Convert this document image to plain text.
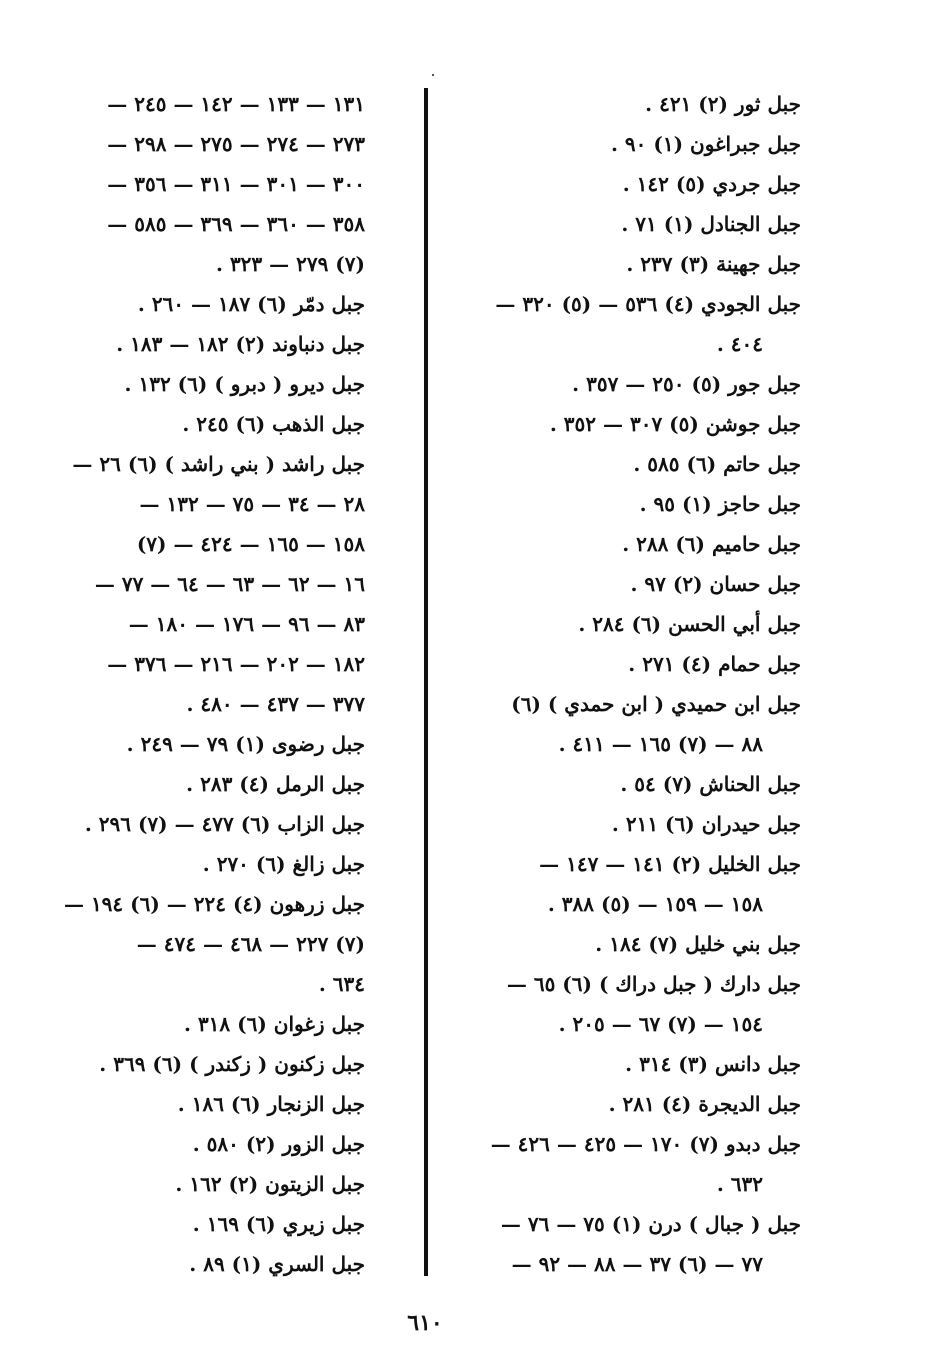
جبل ثور (٢) ٤٢١ .
جبل جبراغون (١) ٩٠ .
جبل جردي (٥) ١٤٢ .
جبل الجنادل (١) ٧١ .
جبل جهينة (٣) ٢٣٧ .
جبل الجودي (٤) ٥٣٦ — (٥) ٣٢٠ —
٤٠٤ .
جبل جور (٥) ٢٥٠ — ٣٥٧ .
جبل جوشن (٥) ٣٠٧ — ٣٥٢ .
جبل حاتم (٦) ٥٨٥ .
جبل حاجز (١) ٩٥ .
جبل حاميم (٦) ٢٨٨ .
جبل حسان (٢) ٩٧ .
جبل أبي الحسن (٦) ٢٨٤ .
جبل حمام (٤) ٢٧١ .
جبل ابن حميدي ( ابن حمدي ) (٦)
٨٨ — (٧) ١٦٥ — ٤١١ .
جبل الحناش (٧) ٥٤ .
جبل حيدران (٦) ٢١١ .
جبل الخليل (٢) ١٤١ — ١٤٧ —
١٥٨ — ١٥٩ — (٥) ٣٨٨ .
جبل بني خليل (٧) ١٨٤ .
جبل دارك ( جبل دراك ) (٦) ٦٥ —
١٥٤ — (٧) ٦٧ — ٢٠٥ .
جبل دانس (٣) ٣١٤ .
جبل الديجرة (٤) ٢٨١ .
جبل دبدو (٧) ١٧٠ — ٤٢٥ — ٤٢٦ —
٦٣٢ .
جبل ( جبال ) درن (١) ٧٥ — ٧٦ —
٧٧ — (٦) ٣٧ — ٨٨ — ٩٢ —
١٣١ — ١٣٣ — ١٤٢ — ٢٤٥ —
٢٧٣ — ٢٧٤ — ٢٧٥ — ٢٩٨ —
٣٠٠ — ٣٠١ — ٣١١ — ٣٥٦ —
٣٥٨ — ٣٦٠ — ٣٦٩ — ٥٨٥ —
(٧) ٢٧٩ — ٣٢٣ .
جبل دمّر (٦) ١٨٧ — ٢٦٠ .
جبل دنباوند (٢) ١٨٢ — ١٨٣ .
جبل ديرو ( دبرو ) (٦) ١٣٢ .
جبل الذهب (٦) ٢٤٥ .
جبل راشد ( بني راشد ) (٦) ٢٦ —
٢٨ — ٣٤ — ٧٥ — ١٣٢ —
١٥٨ — ١٦٥ — ٤٢٤ — (٧)
١٦ — ٦٢ — ٦٣ — ٦٤ — ٧٧ —
٨٣ — ٩٦ — ١٧٦ — ١٨٠ —
١٨٢ — ٢٠٢ — ٢١٦ — ٣٧٦ —
٣٧٧ — ٤٣٧ — ٤٨٠ .
جبل رضوى (١) ٧٩ — ٢٤٩ .
جبل الرمل (٤) ٢٨٣ .
جبل الزاب (٦) ٤٧٧ — (٧) ٢٩٦ .
جبل زالغ (٦) ٢٧٠ .
جبل زرهون (٤) ٢٢٤ — (٦) ١٩٤ —
(٧) ٢٢٧ — ٤٦٨ — ٤٧٤ —
٦٣٤ .
جبل زغوان (٦) ٣١٨ .
جبل زكنون ( زكندر ) (٦) ٣٦٩ .
جبل الزنجار (٦) ١٨٦ .
جبل الزور (٢) ٥٨٠ .
جبل الزيتون (٢) ١٦٢ .
جبل زيري (٦) ١٦٩ .
جبل السري (١) ٨٩ .
٦١٠
